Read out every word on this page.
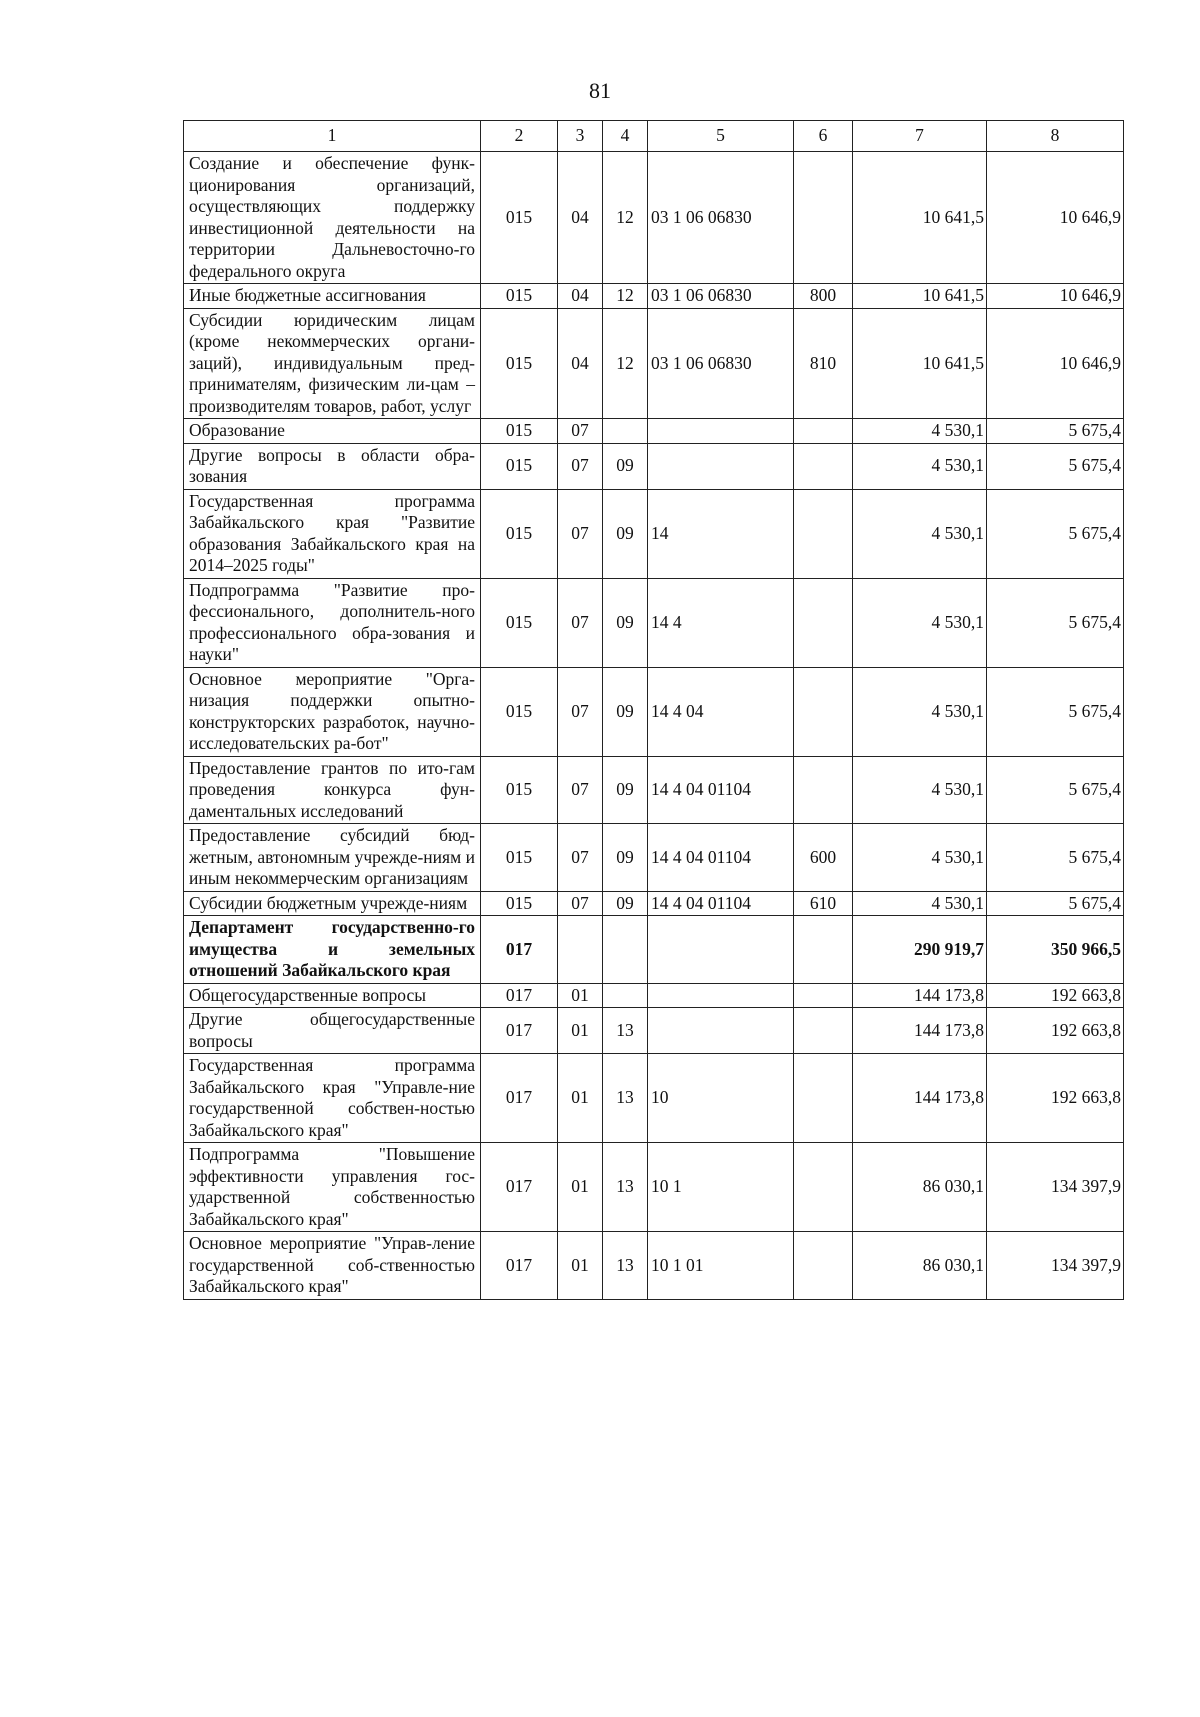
81
1	2	3	4	5	6	7	8
Создание и обеспечение функ-ционирования организаций, осуществляющих поддержку инвестиционной деятельности на территории Дальневосточно-го федерального округа	015	04	12	03 1 06 06830		10 641,5	10 646,9
Иные бюджетные ассигнования	015	04	12	03 1 06 06830	800	10 641,5	10 646,9
Субсидии юридическим лицам (кроме некоммерческих органи-заций), индивидуальным пред-принимателям, физическим ли-цам – производителям товаров, работ, услуг	015	04	12	03 1 06 06830	810	10 641,5	10 646,9
Образование	015	07				4 530,1	5 675,4
Другие вопросы в области обра-зования	015	07	09			4 530,1	5 675,4
Государственная программа Забайкальского края "Развитие образования Забайкальского края на 2014–2025 годы"	015	07	09	14		4 530,1	5 675,4
Подпрограмма "Развитие про-фессионального, дополнитель-ного профессионального обра-зования и науки"	015	07	09	14 4		4 530,1	5 675,4
Основное мероприятие "Орга-низация поддержки опытно-конструкторских разработок, научно-исследовательских ра-бот"	015	07	09	14 4 04		4 530,1	5 675,4
Предоставление грантов по ито-гам проведения конкурса фун-даментальных исследований	015	07	09	14 4 04 01104		4 530,1	5 675,4
Предоставление субсидий бюд-жетным, автономным учрежде-ниям и иным некоммерческим организациям	015	07	09	14 4 04 01104	600	4 530,1	5 675,4
Субсидии бюджетным учрежде-ниям	015	07	09	14 4 04 01104	610	4 530,1	5 675,4
Департамент государственно-го имущества и земельных отношений Забайкальского края	017					290 919,7	350 966,5
Общегосударственные вопросы	017	01				144 173,8	192 663,8
Другие общегосударственные вопросы	017	01	13			144 173,8	192 663,8
Государственная программа Забайкальского края "Управле-ние государственной собствен-ностью Забайкальского края"	017	01	13	10		144 173,8	192 663,8
Подпрограмма "Повышение эффективности управления гос-ударственной собственностью Забайкальского края"	017	01	13	10 1		86 030,1	134 397,9
Основное мероприятие "Управ-ление государственной соб-ственностью Забайкальского края"	017	01	13	10 1 01		86 030,1	134 397,9
